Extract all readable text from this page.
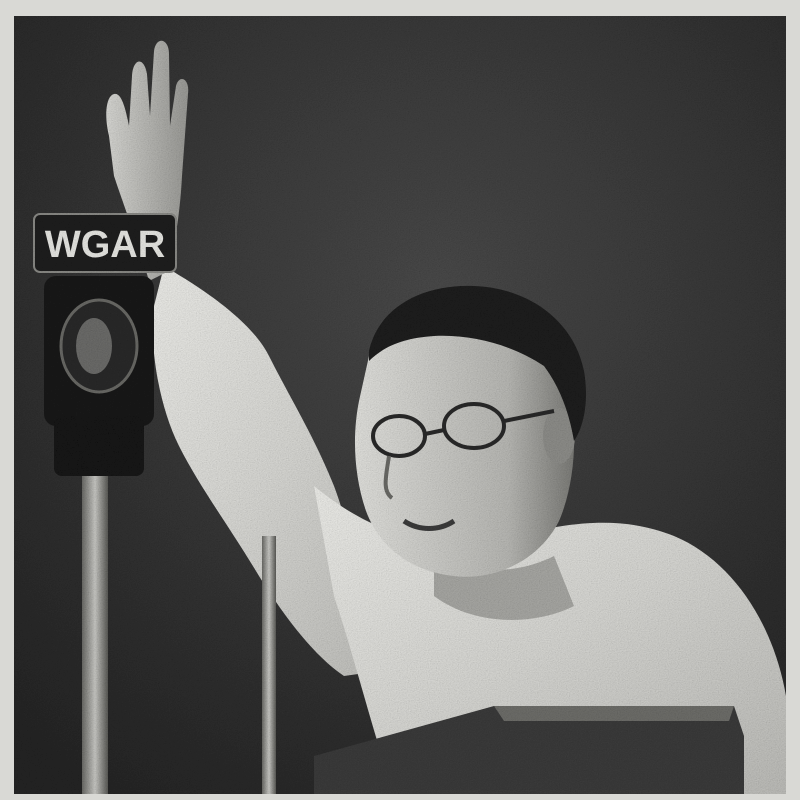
WGAR
